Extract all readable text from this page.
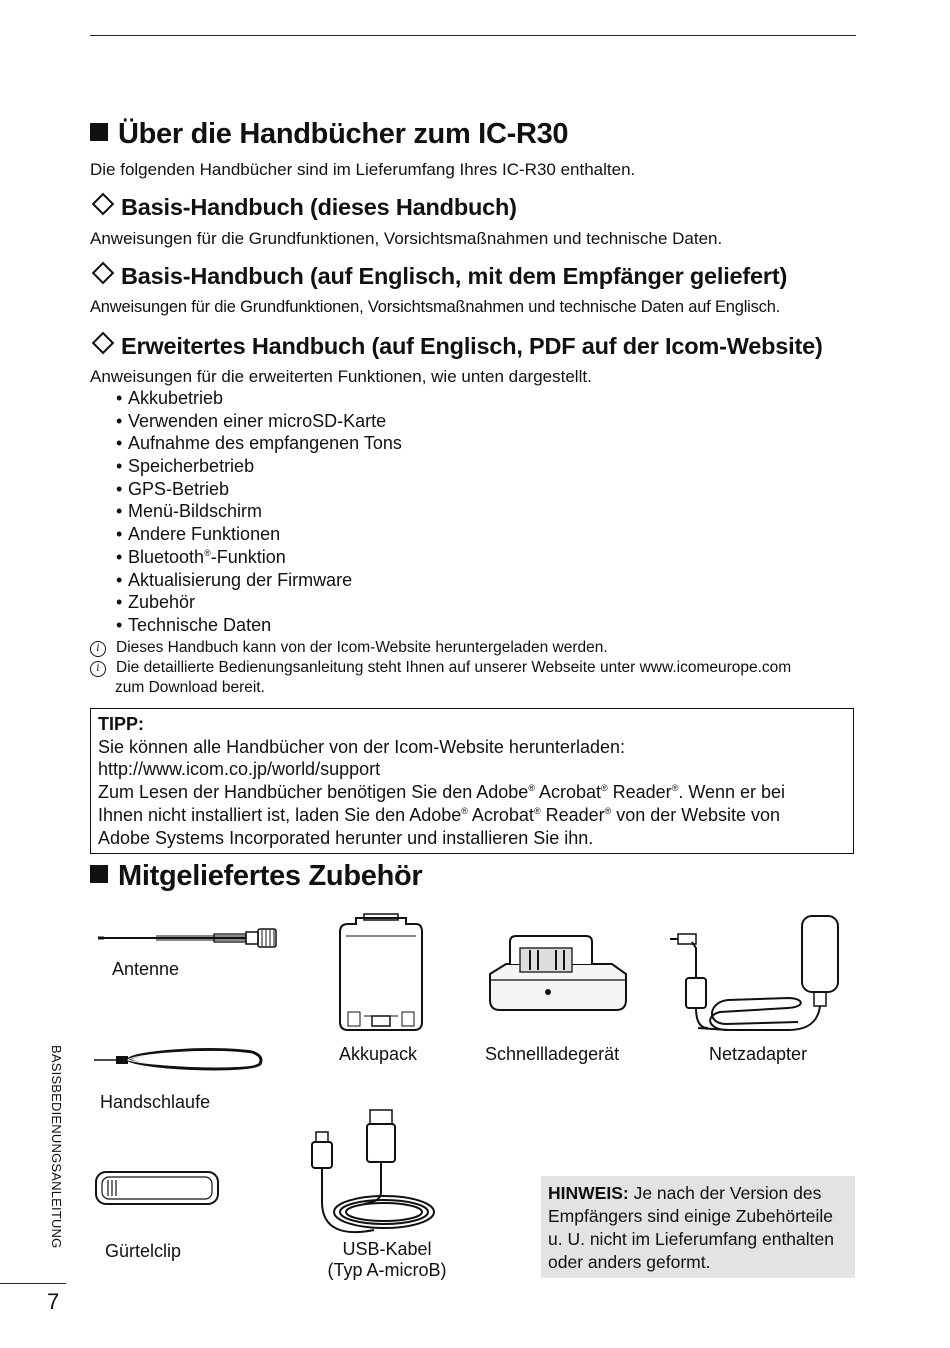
Über die Handbücher zum IC-R30
Die folgenden Handbücher sind im Lieferumfang Ihres IC-R30 enthalten.
Basis-Handbuch (dieses Handbuch)
Anweisungen für die Grundfunktionen, Vorsichtsmaßnahmen und technische Daten.
Basis-Handbuch (auf Englisch, mit dem Empfänger geliefert)
Anweisungen für die Grundfunktionen, Vorsichtsmaßnahmen und technische Daten auf Englisch.
Erweitertes Handbuch (auf Englisch, PDF auf der Icom-Website)
Anweisungen für die erweiterten Funktionen, wie unten dargestellt.
• Akkubetrieb
• Verwenden einer microSD-Karte
• Aufnahme des empfangenen Tons
• Speicherbetrieb
• GPS-Betrieb
• Menü-Bildschirm
• Andere Funktionen
• Bluetooth®-Funktion
• Aktualisierung der Firmware
• Zubehör
• Technische Daten
i Dieses Handbuch kann von der Icom-Website heruntergeladen werden.
i Die detaillierte Bedienungsanleitung steht Ihnen auf unserer Webseite unter www.icomeurope.com
zum Download bereit.
TIPP:
Sie können alle Handbücher von der Icom-Website herunterladen:
http://www.icom.co.jp/world/support
Zum Lesen der Handbücher benötigen Sie den Adobe® Acrobat® Reader®. Wenn er bei
Ihnen nicht installiert ist, laden Sie den Adobe® Acrobat® Reader® von der Website von
Adobe Systems Incorporated herunter und installieren Sie ihn.
Mitgeliefertes Zubehör
Antenne
Akkupack	Schnellladegerät	Netzadapter
Handschlaufe
Gürtelclip	USB-Kabel
(Typ A-microB)
HINWEIS: Je nach der Version des
Empfängers sind einige Zubehörteile
u. U. nicht im Lieferumfang enthalten
oder anders geformt.
BASISBEDIENUNGSANLEITUNG
7
